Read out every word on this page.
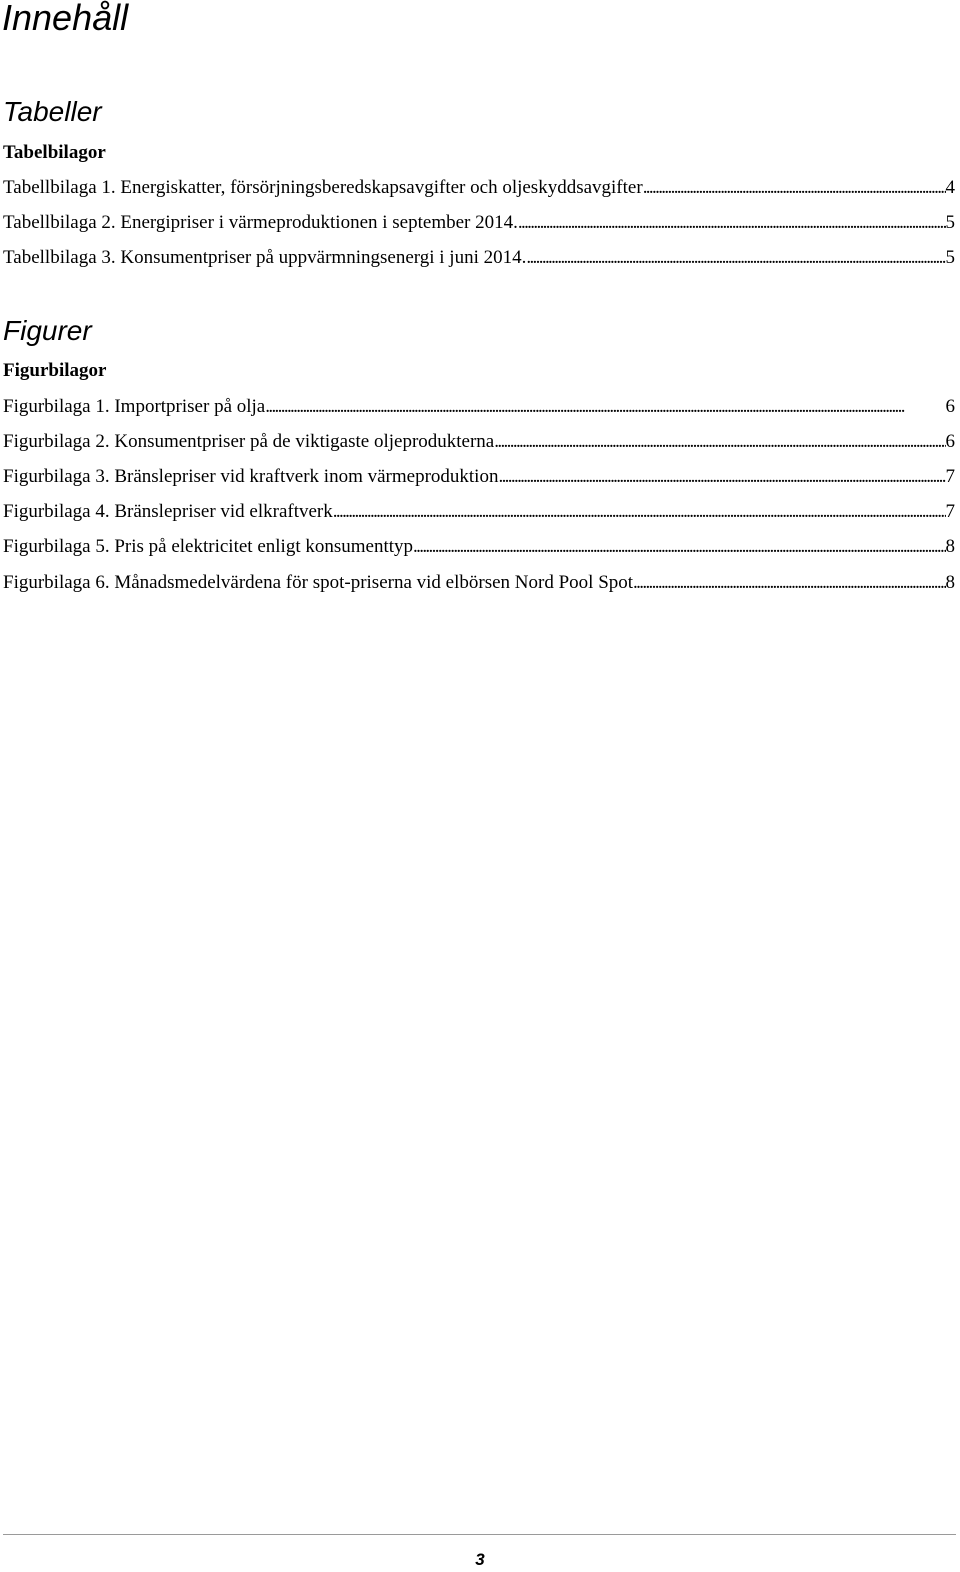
Innehåll
Tabeller
Tabelbilagor
Tabellbilaga 1. Energiskatter, försörjningsberedskapsavgifter och oljeskyddsavgifter . . .	4
Tabellbilaga 2. Energipriser i värmeproduktionen i september 2014. . . .	5
Tabellbilaga 3. Konsumentpriser på uppvärmningsenergi i juni 2014. . . .	5
Figurer
Figurbilagor
Figurbilaga 1. Importpriser på olja . . .	6
Figurbilaga 2. Konsumentpriser på de viktigaste oljeprodukterna . . .	6
Figurbilaga 3. Bränslepriser vid kraftverk inom värmeproduktion . . .	7
Figurbilaga 4. Bränslepriser vid elkraftverk . . .	7
Figurbilaga 5. Pris på elektricitet enligt konsumenttyp . . .	8
Figurbilaga 6. Månadsmedelvärdena för spot-priserna vid elbörsen Nord Pool Spot . . .	8
3
